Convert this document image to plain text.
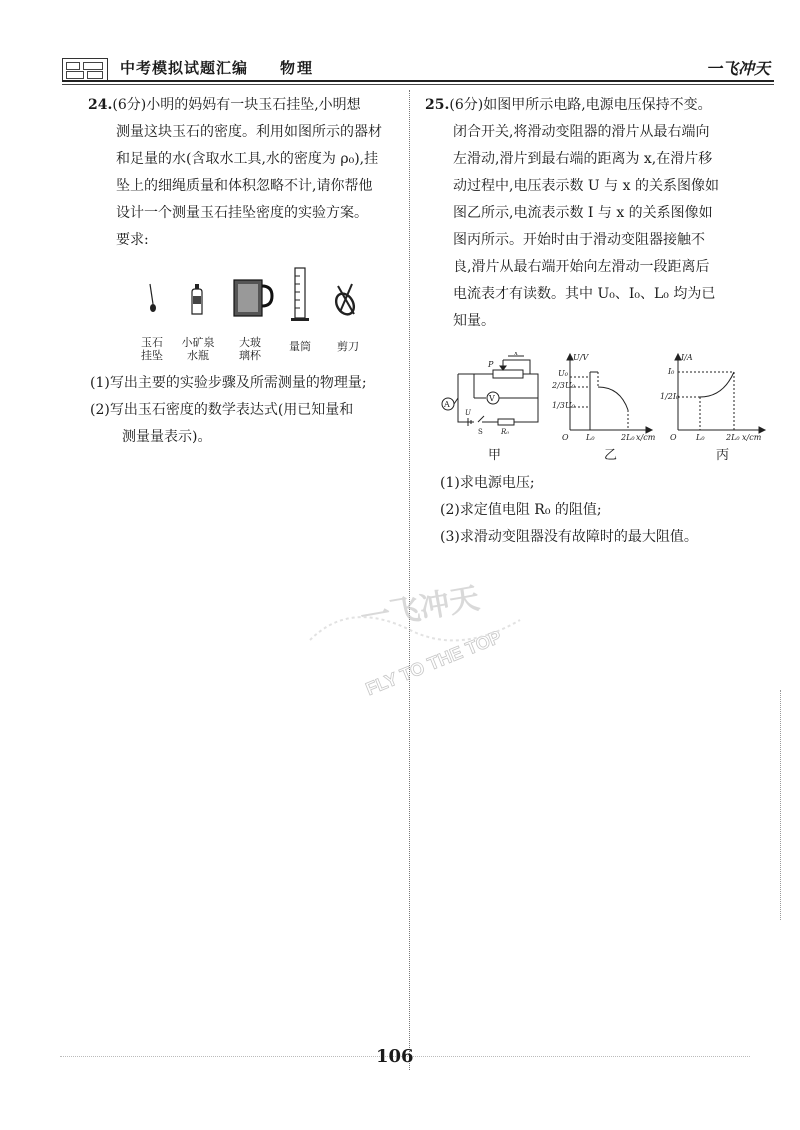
中考模拟试题汇编 物理	一飞冲天
24.(6分)小明的妈妈有一块玉石挂坠,小明想
测量这块玉石的密度。利用如图所示的器材
和足量的水(含取水工具,水的密度为 ρ₀),挂
坠上的细绳质量和体积忽略不计,请你帮他
设计一个测量玉石挂坠密度的实验方案。
要求:
玉石
挂坠
小矿泉
水瓶
大玻
璃杯
量筒	剪刀
(1)写出主要的实验步骤及所需测量的物理量;
(2)写出玉石密度的数学表达式(用已知量和
测量量表示)。
25.(6分)如图甲所示电路,电源电压保持不变。
闭合开关,将滑动变阻器的滑片从最右端向
左滑动,滑片到最右端的距离为 x,在滑片移
动过程中,电压表示数 U 与 x 的关系图像如
图乙所示,电流表示数 I 与 x 的关系图像如
图丙所示。开始时由于滑动变阻器接触不
良,滑片从最右端开始向左滑动一段距离后
电流表才有读数。其中 U₀、I₀、L₀ 均为已
知量。
V
A
P
x
U
S	R₀
U/V
U₀
2/3U₀
1/3U₀
O L₀	2L₀ x/cm
I/A
I₀
1/2I₀
O L₀	2L₀ x/cm
甲	乙	丙
(1)求电源电压;
(2)求定值电阻 R₀ 的阻值;
(3)求滑动变阻器没有故障时的最大阻值。
一飞冲天
FLY TO THE TOP
106
